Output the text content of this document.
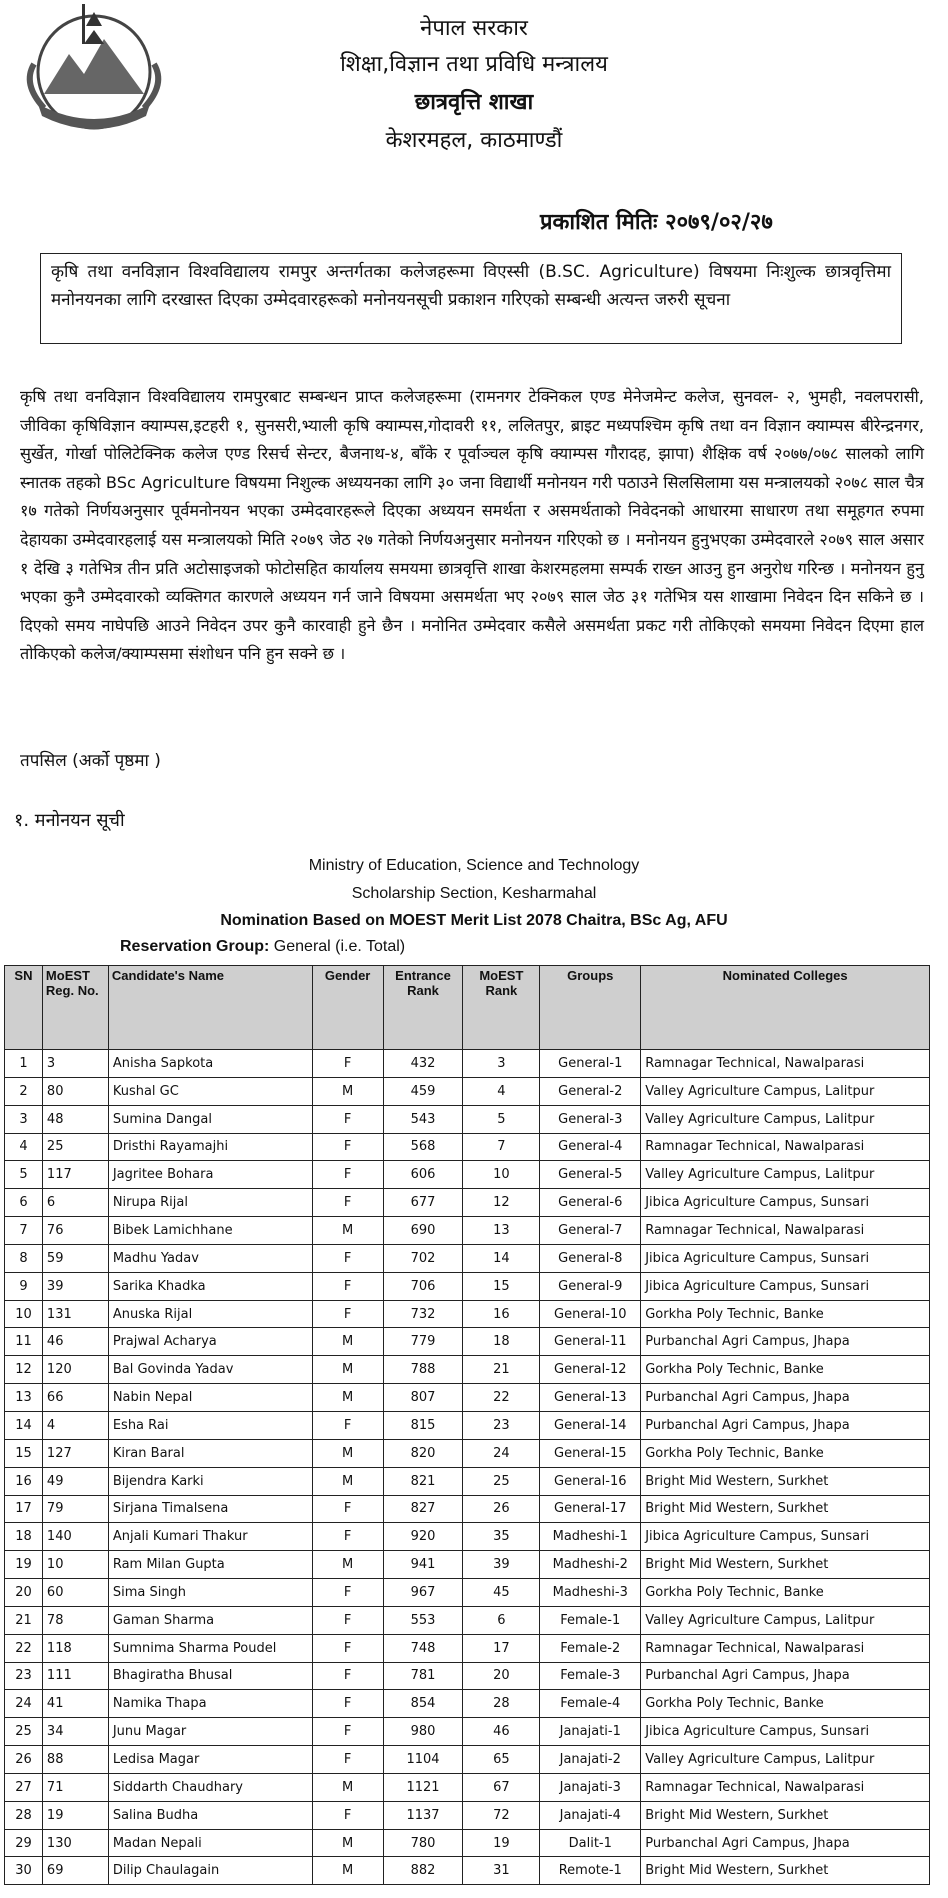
नेपाल सरकार
शिक्षा,विज्ञान तथा प्रविधि मन्त्रालय
छात्रवृत्ति शाखा
केशरमहल, काठमाण्डौं
प्रकाशित मितिः २०७९/०२/२७
कृषि तथा वनविज्ञान विश्वविद्यालय रामपुर अन्तर्गतका कलेजहरूमा विएस्सी (B.SC. Agriculture) विषयमा निःशुल्क छात्रवृत्तिमा मनोनयनका लागि दरखास्त दिएका उम्मेदवारहरूको मनोनयनसूची प्रकाशन गरिएको सम्बन्धी अत्यन्त जरुरी सूचना
कृषि तथा वनविज्ञान विश्वविद्यालय रामपुरबाट सम्बन्धन प्राप्त कलेजहरूमा (रामनगर टेक्निकल एण्ड मेनेजमेन्ट कलेज, सुनवल- २, भुमही, नवलपरासी, जीविका कृषिविज्ञान क्याम्पस,इटहरी १, सुनसरी,भ्याली कृषि क्याम्पस,गोदावरी ११, ललितपुर, ब्राइट मध्यपश्चिम कृषि तथा वन विज्ञान क्याम्पस बीरेन्द्रनगर, सुर्खेत, गोर्खा पोलिटेक्निक कलेज एण्ड रिसर्च सेन्टर, बैजनाथ-४, बाँके र पूर्वाञ्चल कृषि क्याम्पस गौरादह, झापा) शैक्षिक वर्ष २०७७/०७८ सालको लागि स्नातक तहको BSc Agriculture विषयमा निशुल्क अध्ययनका लागि ३० जना विद्यार्थी मनोनयन गरी पठाउने सिलसिलामा यस मन्त्रालयको २०७८ साल चैत्र १७ गतेको निर्णयअनुसार पूर्वमनोनयन भएका उम्मेदवारहरूले दिएका अध्ययन समर्थता र असमर्थताको निवेदनको आधारमा साधारण तथा समूहगत रुपमा देहायका उम्मेदवारहलाई यस मन्त्रालयको मिति २०७९ जेठ २७ गतेको निर्णयअनुसार मनोनयन गरिएको छ । मनोनयन हुनुभएका उम्मेदवारले २०७९ साल असार १ देखि ३ गतेभित्र तीन प्रति अटोसाइजको फोटोसहित कार्यालय समयमा छात्रवृत्ति शाखा केशरमहलमा सम्पर्क राख्न आउनु हुन अनुरोध गरिन्छ । मनोनयन हुनु भएका कुनै उम्मेदवारको व्यक्तिगत कारणले अध्ययन गर्न जाने विषयमा असमर्थता भए २०७९ साल जेठ ३१ गतेभित्र यस शाखामा निवेदन दिन सकिने छ ।दिएको समय नाघेपछि आउने निवेदन उपर कुनै कारवाही हुने छैन । मनोनित उम्मेदवार कसैले असमर्थता प्रकट गरी तोकिएको समयमा निवेदन दिएमा हाल तोकिएको कलेज/क्याम्पसमा संशोधन पनि हुन सक्ने छ ।
तपसिल (अर्को पृष्ठमा )
१. मनोनयन सूची
Ministry of Education, Science and Technology
Scholarship Section, Kesharmahal
Nomination Based on MOEST Merit List 2078 Chaitra, BSc Ag, AFU
Reservation Group: General (i.e. Total)
SN	MoEST Reg. No.	Candidate's Name	Gender	Entrance Rank	MoEST Rank	Groups	Nominated Colleges
1	3	Anisha Sapkota	F	432	3	General-1	Ramnagar Technical, Nawalparasi
2	80	Kushal GC	M	459	4	General-2	Valley Agriculture Campus, Lalitpur
3	48	Sumina Dangal	F	543	5	General-3	Valley Agriculture Campus, Lalitpur
4	25	Dristhi Rayamajhi	F	568	7	General-4	Ramnagar Technical, Nawalparasi
5	117	Jagritee Bohara	F	606	10	General-5	Valley Agriculture Campus, Lalitpur
6	6	Nirupa Rijal	F	677	12	General-6	Jibica Agriculture Campus, Sunsari
7	76	Bibek Lamichhane	M	690	13	General-7	Ramnagar Technical, Nawalparasi
8	59	Madhu Yadav	F	702	14	General-8	Jibica Agriculture Campus, Sunsari
9	39	Sarika Khadka	F	706	15	General-9	Jibica Agriculture Campus, Sunsari
10	131	Anuska Rijal	F	732	16	General-10	Gorkha Poly Technic, Banke
11	46	Prajwal Acharya	M	779	18	General-11	Purbanchal Agri Campus, Jhapa
12	120	Bal Govinda Yadav	M	788	21	General-12	Gorkha Poly Technic, Banke
13	66	Nabin Nepal	M	807	22	General-13	Purbanchal Agri Campus, Jhapa
14	4	Esha Rai	F	815	23	General-14	Purbanchal Agri Campus, Jhapa
15	127	Kiran Baral	M	820	24	General-15	Gorkha Poly Technic, Banke
16	49	Bijendra Karki	M	821	25	General-16	Bright Mid Western, Surkhet
17	79	Sirjana Timalsena	F	827	26	General-17	Bright Mid Western, Surkhet
18	140	Anjali Kumari Thakur	F	920	35	Madheshi-1	Jibica Agriculture Campus, Sunsari
19	10	Ram Milan Gupta	M	941	39	Madheshi-2	Bright Mid Western, Surkhet
20	60	Sima Singh	F	967	45	Madheshi-3	Gorkha Poly Technic, Banke
21	78	Gaman Sharma	F	553	6	Female-1	Valley Agriculture Campus, Lalitpur
22	118	Sumnima Sharma Poudel	F	748	17	Female-2	Ramnagar Technical, Nawalparasi
23	111	Bhagiratha Bhusal	F	781	20	Female-3	Purbanchal Agri Campus, Jhapa
24	41	Namika Thapa	F	854	28	Female-4	Gorkha Poly Technic, Banke
25	34	Junu Magar	F	980	46	Janajati-1	Jibica Agriculture Campus, Sunsari
26	88	Ledisa Magar	F	1104	65	Janajati-2	Valley Agriculture Campus, Lalitpur
27	71	Siddarth Chaudhary	M	1121	67	Janajati-3	Ramnagar Technical, Nawalparasi
28	19	Salina Budha	F	1137	72	Janajati-4	Bright Mid Western, Surkhet
29	130	Madan Nepali	M	780	19	Dalit-1	Purbanchal Agri Campus, Jhapa
30	69	Dilip Chaulagain	M	882	31	Remote-1	Bright Mid Western, Surkhet
